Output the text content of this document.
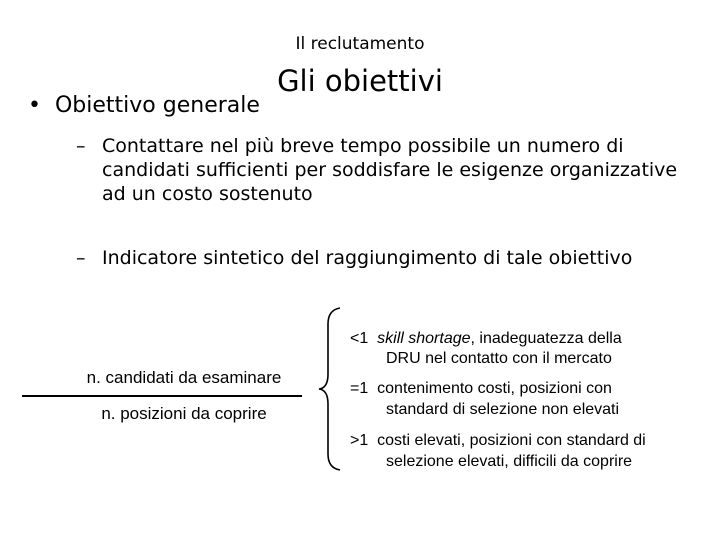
Il reclutamento
Gli obiettivi
• Obiettivo generale
– Contattare nel più breve tempo possibile un numero di candidati sufficienti per soddisfare le esigenze organizzative ad un costo sostenuto
– Indicatore sintetico del raggiungimento di tale obiettivo
n. candidati da esaminare
n. posizioni da coprire
<1 skill shortage, inadeguatezza della
DRU nel contatto con il mercato
=1 contenimento costi, posizioni con
standard di selezione non elevati
>1 costi elevati, posizioni con standard di
selezione elevati, difficili da coprire
